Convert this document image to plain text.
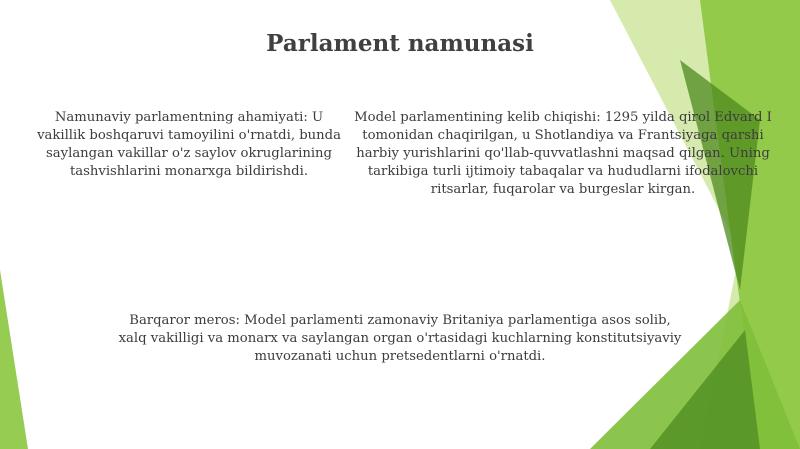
Parlament namunasi
Namunaviy parlamentning ahamiyati: U vakillik boshqaruvi tamoyilini o'rnatdi, bunda saylangan vakillar o'z saylov okruglarining tashvishlarini monarxga bildirishdi.
Model parlamentining kelib chiqishi: 1295 yilda qirol Edvard I tomonidan chaqirilgan, u Shotlandiya va Frantsiyaga qarshi harbiy yurishlarini qo'llab-quvvatlashni maqsad qilgan. Uning tarkibiga turli ijtimoiy tabaqalar va hududlarni ifodalovchi ritsarlar, fuqarolar va burgeslar kirgan.
Barqaror meros: Model parlamenti zamonaviy Britaniya parlamentiga asos solib, xalq vakilligi va monarx va saylangan organ o'rtasidagi kuchlarning konstitutsiyaviy muvozanati uchun pretsedentlarni o'rnatdi.
